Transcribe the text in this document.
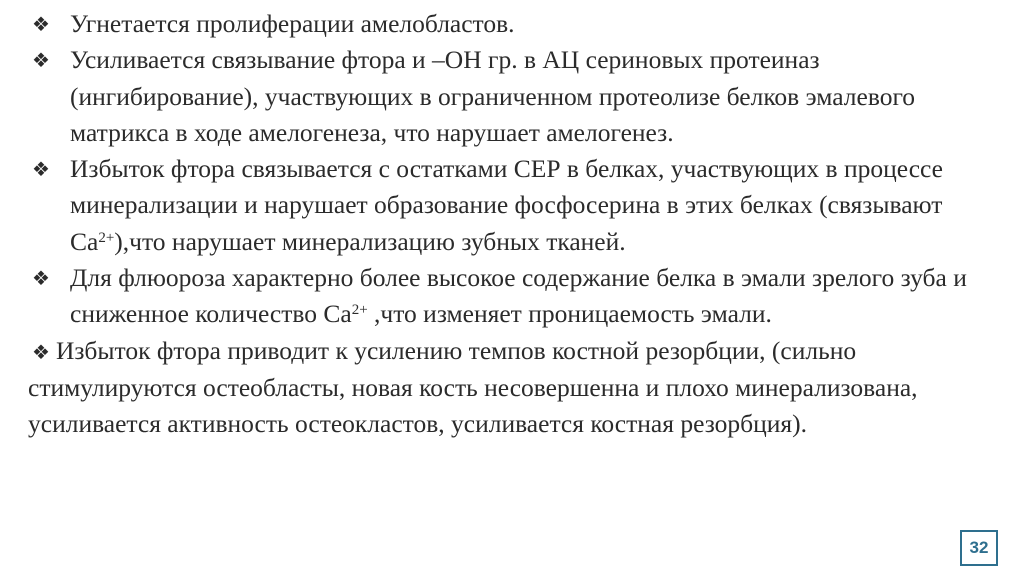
❖ Угнетается пролиферации амелобластов.
❖ Усиливается связывание фтора и –ОН гр. в АЦ сериновых протеиназ (ингибирование), участвующих в ограниченном протеолизе белков эмалевого матрикса в ходе амелогенеза, что нарушает амелогенез.
❖ Избыток фтора связывается с остатками СЕР в белках, участвующих в процессе минерализации и нарушает образование фосфосерина в этих белках (связывают $Са^{2+}),что$ нарушает минерализацию зубных тканей.
❖ Для флюороза характерно более высокое содержание белка в эмали зрелого зуба и сниженное количество $Са^{2+}$ ,что изменяет проницаемость эмали.
❖ Избыток фтора приводит к усилению темпов костной резорбции, (сильно стимулируются остеобласты, новая кость несовершенна и плохо минерализована, усиливается активность остеокластов, усиливается костная резорбция).
32
